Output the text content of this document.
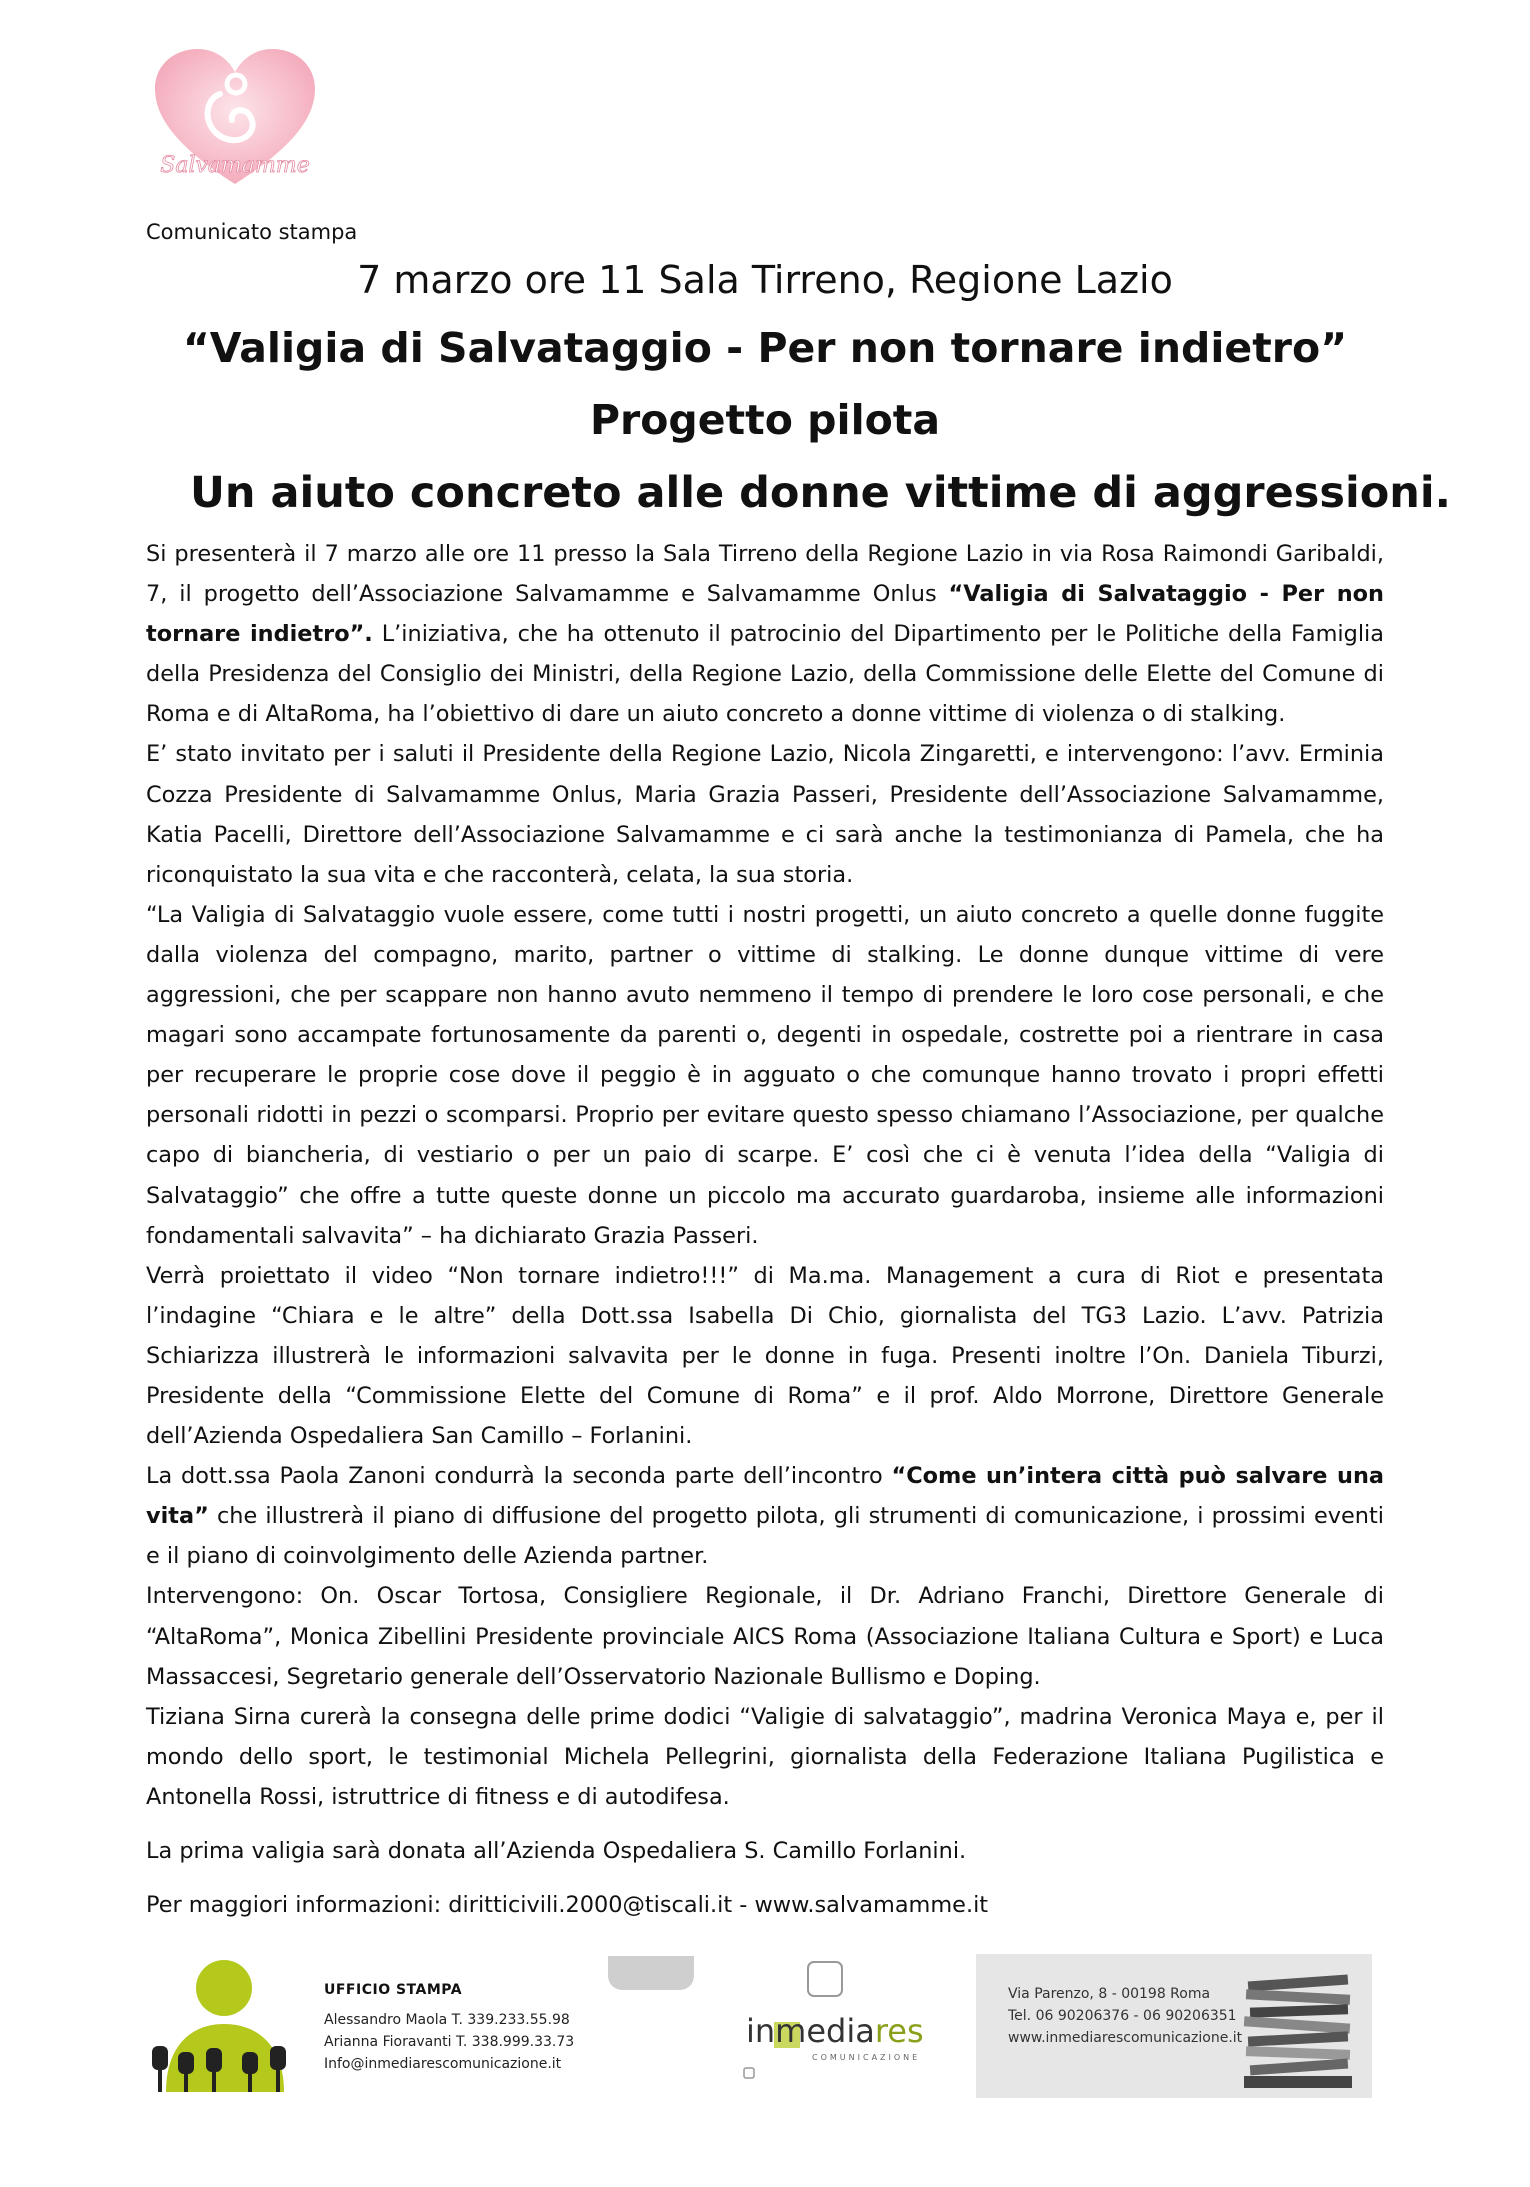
Salvamamme
Comunicato stampa
7 marzo ore 11 Sala Tirreno, Regione Lazio
“Valigia di Salvataggio - Per non tornare indietro”
Progetto pilota
Un aiuto concreto alle donne vittime di aggressioni.

Si presenterà il 7 marzo alle ore 11 presso la Sala Tirreno della Regione Lazio in via Rosa Raimondi Garibaldi, 7, il progetto dell’Associazione Salvamamme e Salvamamme Onlus “Valigia di Salvataggio - Per non tornare indietro”. L’iniziativa, che ha ottenuto il patrocinio del Dipartimento per le Politiche della Famiglia della Presidenza del Consiglio dei Ministri, della Regione Lazio, della Commissione delle Elette del Comune di Roma e di AltaRoma, ha l’obiettivo di dare un aiuto concreto a donne vittime di violenza o di stalking.

E’ stato invitato per i saluti il Presidente della Regione Lazio, Nicola Zingaretti, e intervengono: l’avv. Erminia Cozza Presidente di Salvamamme Onlus, Maria Grazia Passeri, Presidente dell’Associazione Salvamamme, Katia Pacelli, Direttore dell’Associazione Salvamamme e ci sarà anche la testimonianza di Pamela, che ha riconquistato la sua vita e che racconterà, celata, la sua storia.

“La Valigia di Salvataggio vuole essere, come tutti i nostri progetti, un aiuto concreto a quelle donne fuggite dalla violenza del compagno, marito, partner o vittime di stalking. Le donne dunque vittime di vere aggressioni, che per scappare non hanno avuto nemmeno il tempo di prendere le loro cose personali, e che magari sono accampate fortunosamente da parenti o, degenti in ospedale, costrette poi a rientrare in casa per recuperare le proprie cose dove il peggio è in agguato o che comunque hanno trovato i propri effetti personali ridotti in pezzi o scomparsi. Proprio per evitare questo spesso chiamano l’Associazione, per qualche capo di biancheria, di vestiario o per un paio di scarpe. E’ così che ci è venuta l’idea della “Valigia di Salvataggio” che offre a tutte queste donne un piccolo ma accurato guardaroba, insieme alle informazioni fondamentali salvavita” – ha dichiarato Grazia Passeri.

Verrà proiettato il video “Non tornare indietro!!!” di Ma.ma. Management a cura di Riot e presentata l’indagine “Chiara e le altre” della Dott.ssa Isabella Di Chio, giornalista del TG3 Lazio. L’avv. Patrizia Schiarizza illustrerà le informazioni salvavita per le donne in fuga. Presenti inoltre l’On. Daniela Tiburzi, Presidente della “Commissione Elette del Comune di Roma” e il prof. Aldo Morrone, Direttore Generale dell’Azienda Ospedaliera San Camillo – Forlanini.

La dott.ssa Paola Zanoni condurrà la seconda parte dell’incontro “Come un’intera città può salvare una vita” che illustrerà il piano di diffusione del progetto pilota, gli strumenti di comunicazione, i prossimi eventi e il piano di coinvolgimento delle Azienda partner.

Intervengono: On. Oscar Tortosa, Consigliere Regionale, il Dr. Adriano Franchi, Direttore Generale di “AltaRoma”, Monica Zibellini Presidente provinciale AICS Roma (Associazione Italiana Cultura e Sport) e Luca Massaccesi, Segretario generale dell’Osservatorio Nazionale Bullismo e Doping.

Tiziana Sirna curerà la consegna delle prime dodici “Valigie di salvataggio”, madrina Veronica Maya e, per il mondo dello sport, le testimonial Michela Pellegrini, giornalista della Federazione Italiana Pugilistica e Antonella Rossi, istruttrice di fitness e di autodifesa.

La prima valigia sarà donata all’Azienda Ospedaliera S. Camillo Forlanini.

Per maggiori informazioni: diritticivili.2000@tiscali.it - www.salvamamme.it

UFFICIO STAMPA
Alessandro Maola T. 339.233.55.98
Arianna Fioravanti T. 338.999.33.73
Info@inmediarescomunicazione.it
inmediares
COMUNICAZIONE
Via Parenzo, 8 - 00198 Roma
Tel. 06 90206376 - 06 90206351
www.inmediarescomunicazione.it
